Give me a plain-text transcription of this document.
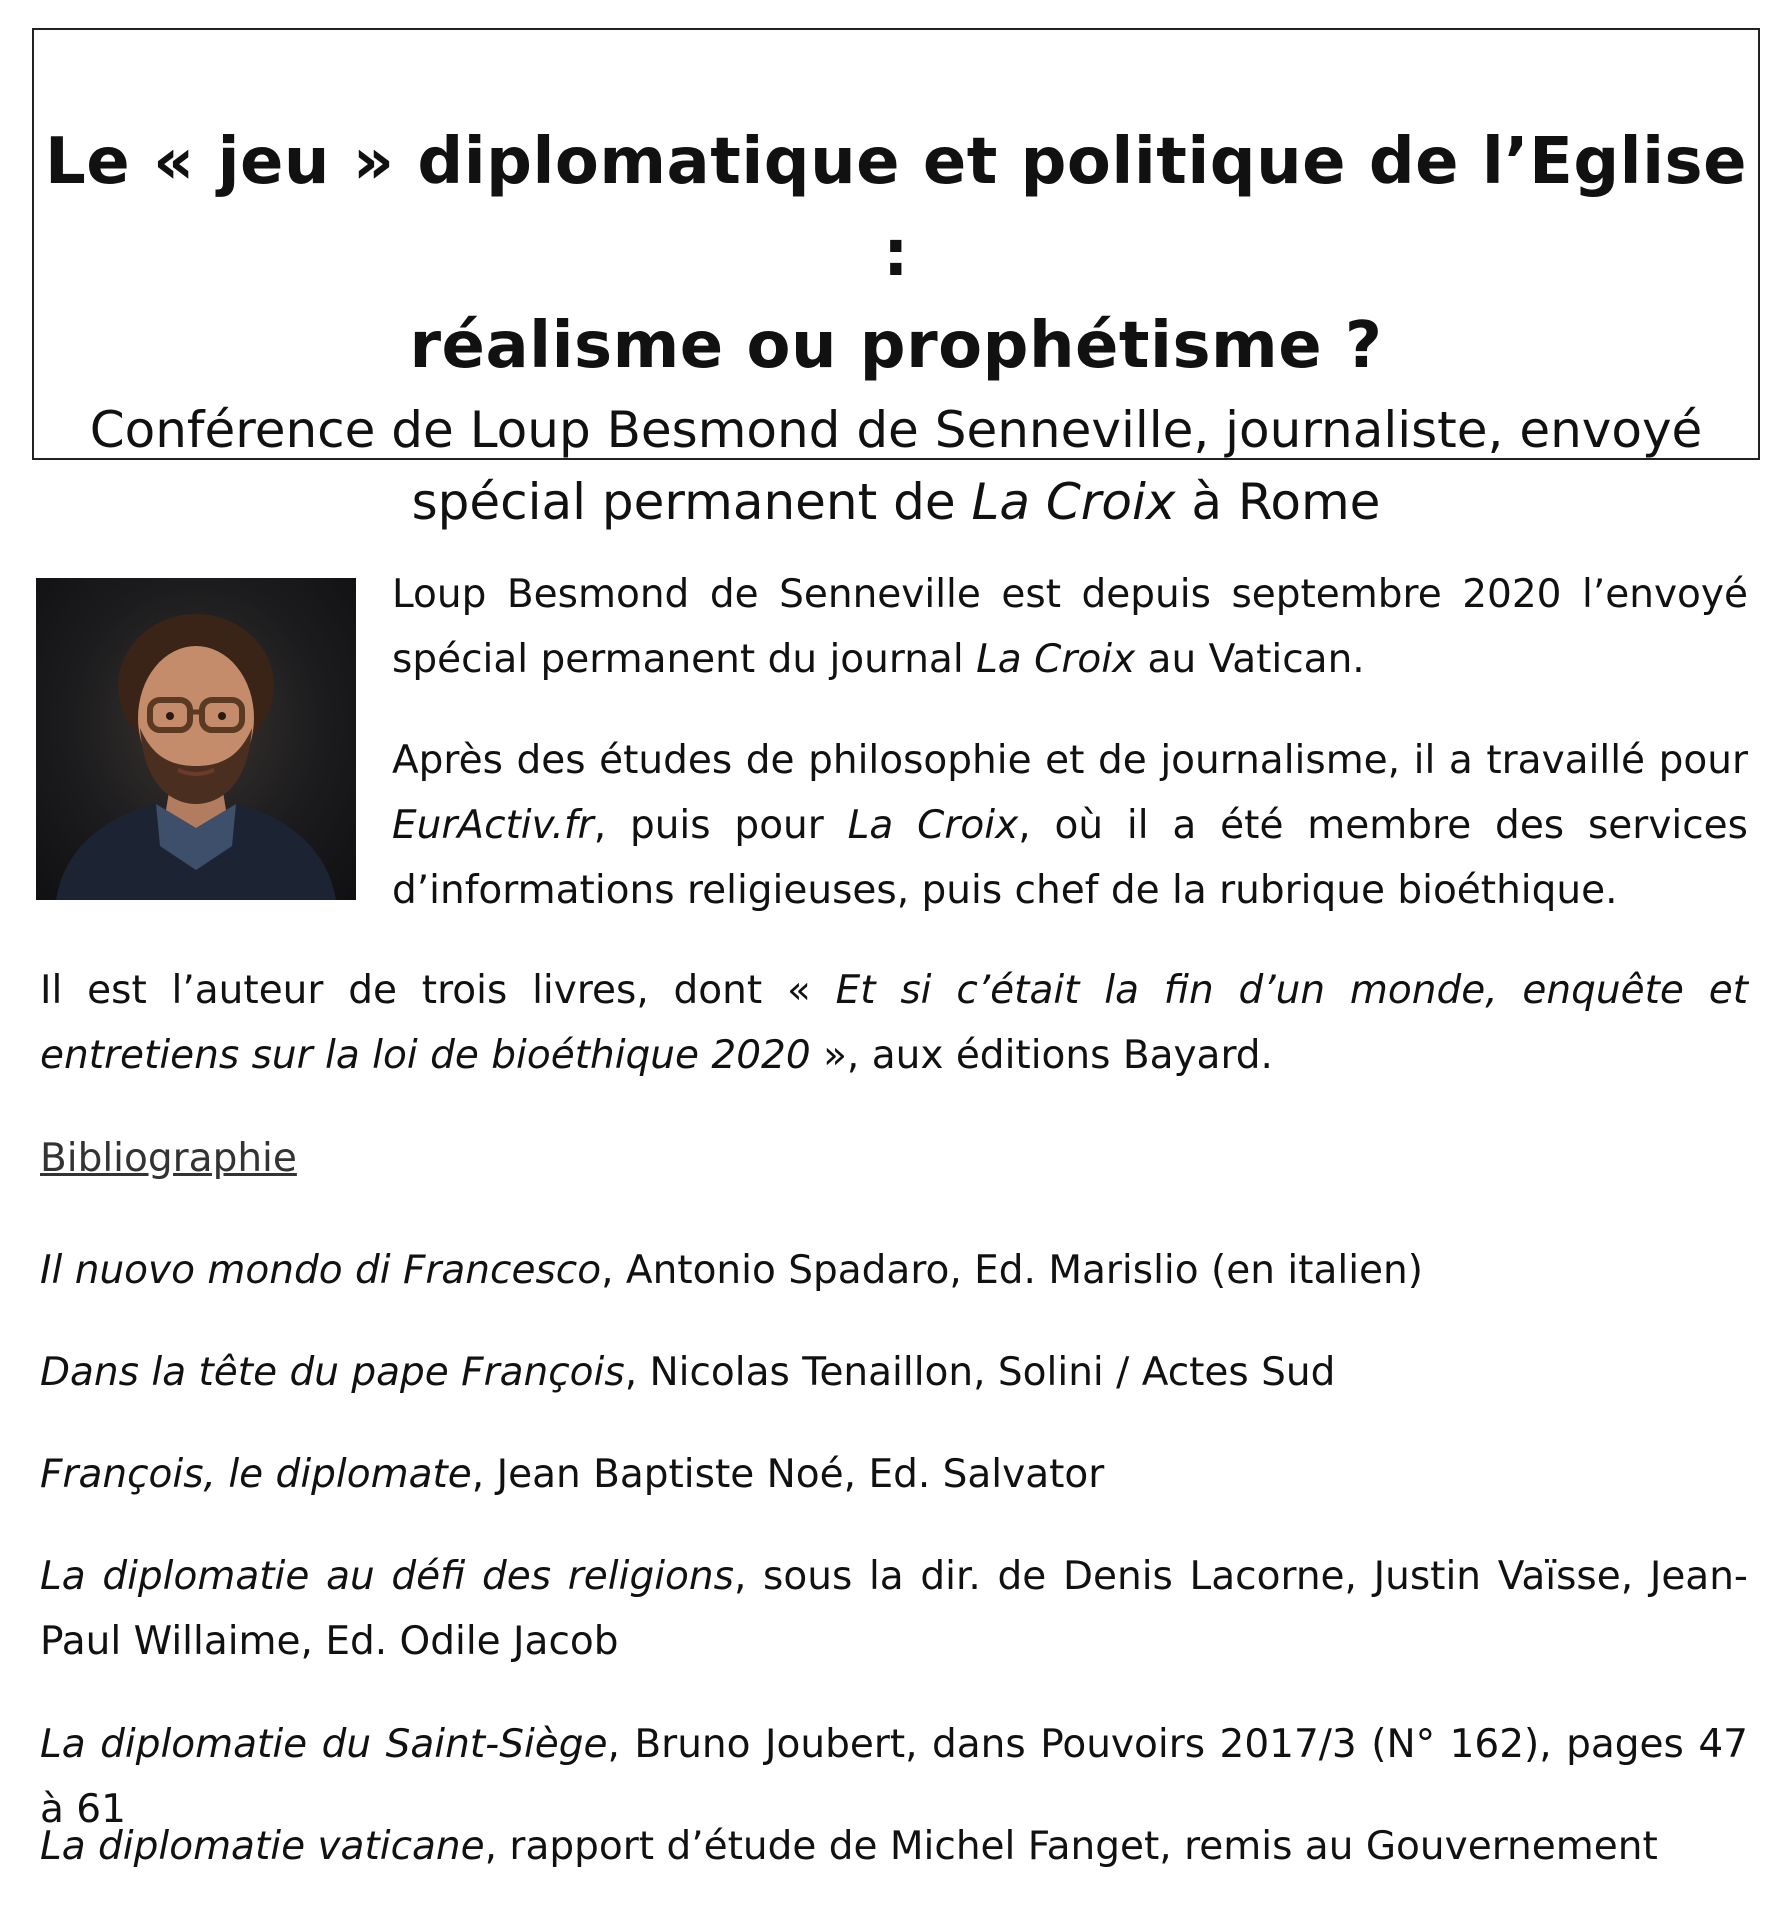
Le « jeu » diplomatique et politique de l’Eglise :
réalisme ou prophétisme ?
Conférence de Loup Besmond de Senneville, journaliste, envoyé spécial permanent de La Croix à Rome
Loup Besmond de Senneville est depuis septembre 2020 l’envoyé spécial permanent du journal La Croix au Vatican.
Après des études de philosophie et de journalisme, il a travaillé pour EurActiv.fr, puis pour La Croix, où il a été membre des services d’informations religieuses, puis chef de la rubrique bioéthique.
Il est l’auteur de trois livres, dont « Et si c’était la fin d’un monde, enquête et entretiens sur la loi de bioéthique 2020 », aux éditions Bayard.
Bibliographie
Il nuovo mondo di Francesco, Antonio Spadaro, Ed. Marislio (en italien)
Dans la tête du pape François, Nicolas Tenaillon, Solini / Actes Sud
François, le diplomate, Jean Baptiste Noé, Ed. Salvator
La diplomatie au défi des religions, sous la dir. de Denis Lacorne, Justin Vaïsse, Jean-Paul Willaime, Ed. Odile Jacob
La diplomatie du Saint-Siège, Bruno Joubert, dans Pouvoirs 2017/3 (N° 162), pages 47 à 61
La diplomatie vaticane, rapport d’étude de Michel Fanget, remis au Gouvernement
